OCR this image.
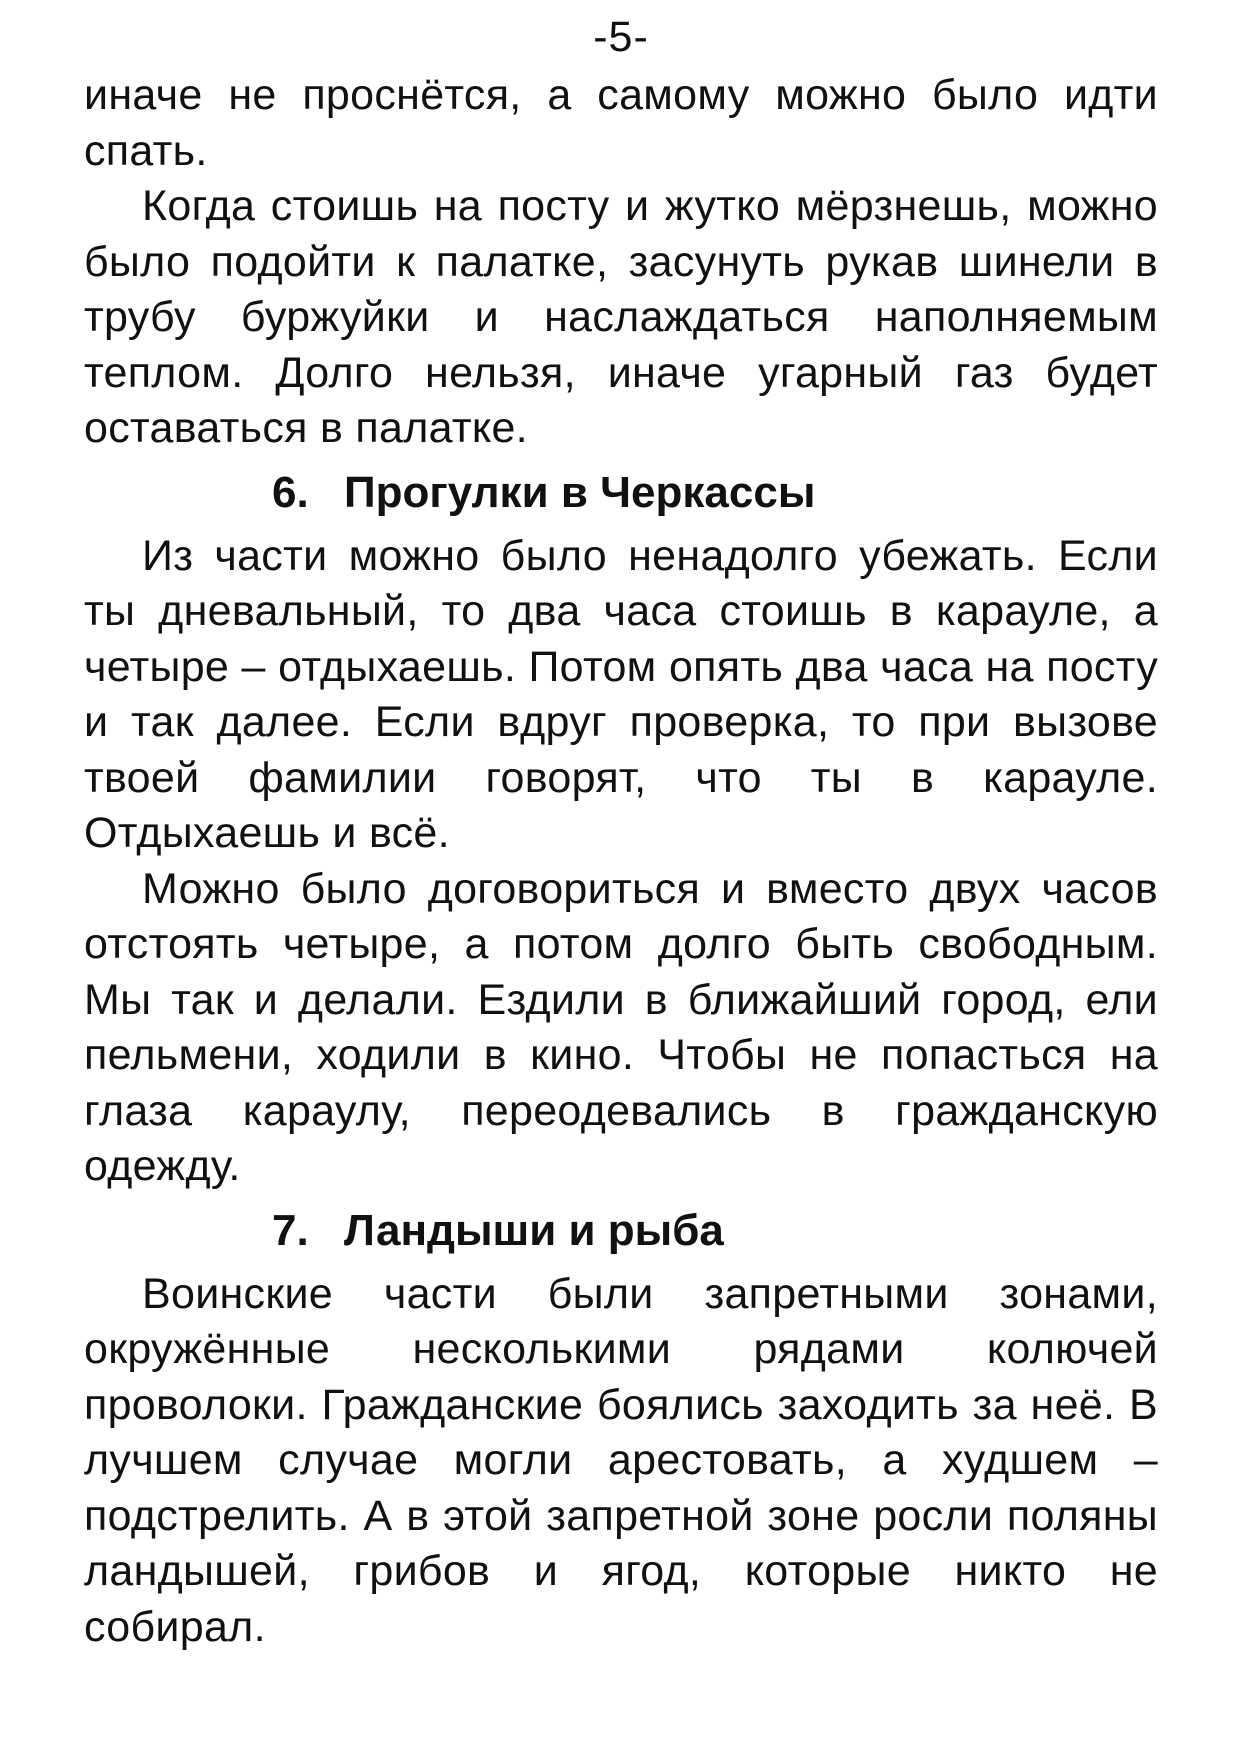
-5-

иначе не проснётся, а самому можно было идти спать.

Когда стоишь на посту и жутко мёрзнешь, можно было подойти к палатке, засунуть рукав шинели в трубу буржуйки и наслаждаться наполняемым теплом. Долго нельзя, иначе угарный газ будет оставаться в палатке.

6. Прогулки в Черкассы

Из части можно было ненадолго убежать. Если ты дневальный, то два часа стоишь в карауле, а четыре – отдыхаешь. Потом опять два часа на посту и так далее. Если вдруг проверка, то при вызове твоей фамилии говорят, что ты в карауле. Отдыхаешь и всё.

Можно было договориться и вместо двух часов отстоять четыре, а потом долго быть свободным. Мы так и делали. Ездили в ближайший город, ели пельмени, ходили в кино. Чтобы не попасться на глаза караулу, переодевались в гражданскую одежду.

7. Ландыши и рыба

Воинские части были запретными зонами, окружённые несколькими рядами колючей проволоки. Гражданские боялись заходить за неё. В лучшем случае могли арестовать, а худшем – подстрелить. А в этой запретной зоне росли поляны ландышей, грибов и ягод, которые никто не собирал.
